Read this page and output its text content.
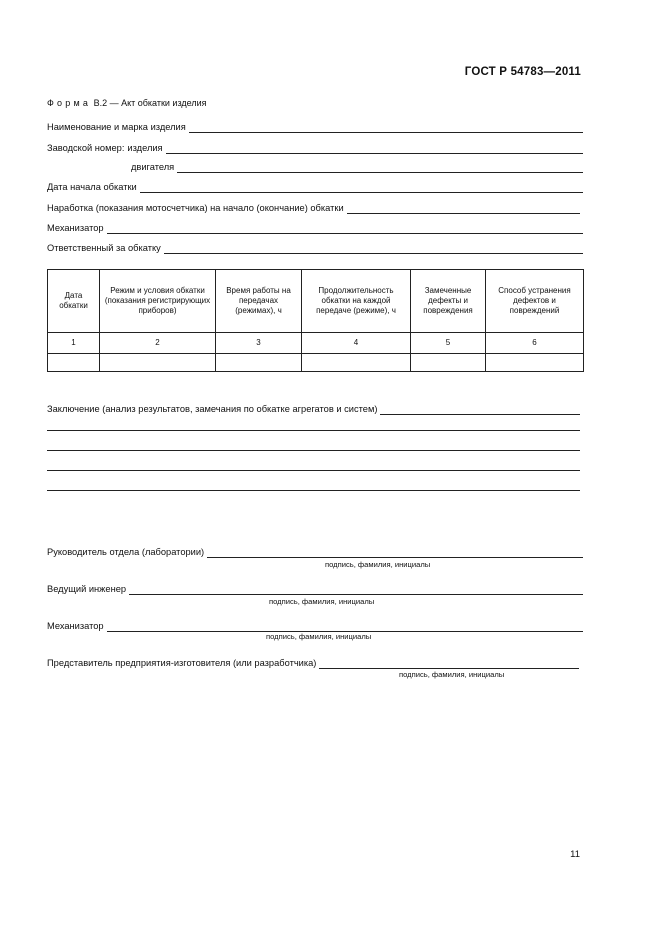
ГОСТ Р 54783—2011
Форма В.2 — Акт обкатки изделия
Наименование и марка изделия
Заводской номер: изделия
двигателя
Дата начала обкатки
Наработка (показания мотосчетчика) на начало (окончание) обкатки
Механизатор
Ответственный за обкатку
Дата обкатки	Режим и условия обкатки (показания регистрирующих приборов)	Время работы на передачах (режимах), ч	Продолжительность обкатки на каждой передаче (режиме), ч	Замеченные дефекты и повреждения	Способ устранения дефектов и повреждений
1	2	3	4	5	6

Заключение (анализ результатов, замечания по обкатке агрегатов и систем)
Руководитель отдела (лаборатории)
подпись, фамилия, инициалы
Ведущий инженер
подпись, фамилия, инициалы
Механизатор
подпись, фамилия, инициалы
Представитель предприятия-изготовителя (или разработчика)
подпись, фамилия, инициалы
11
